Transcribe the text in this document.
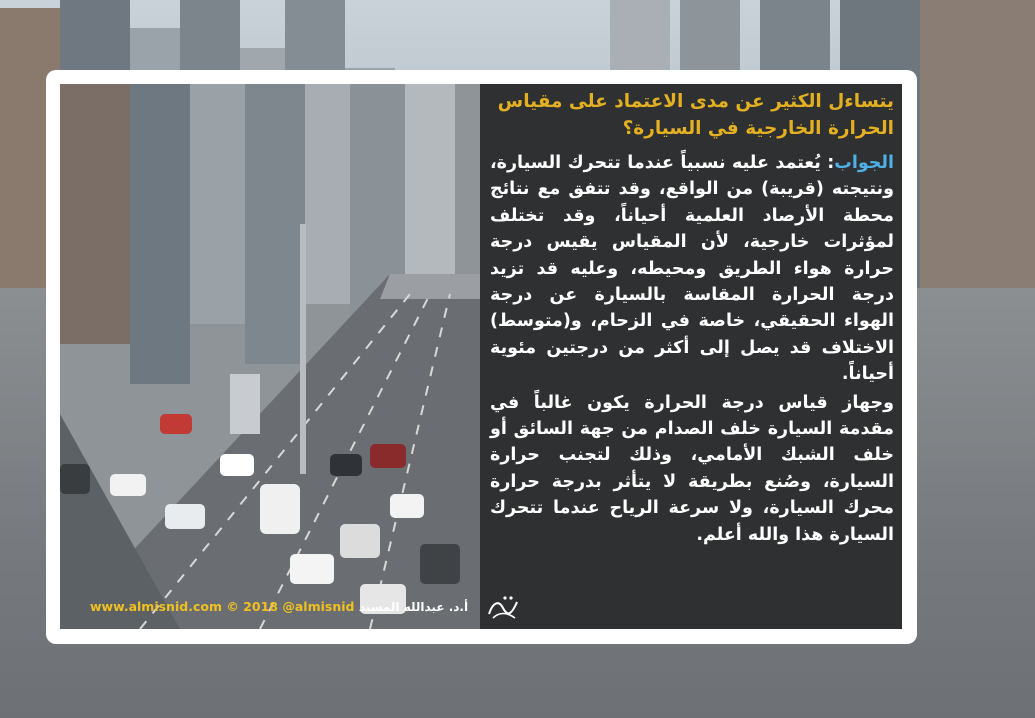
يتساءل الكثير عن مدى الاعتماد على مقياس الحرارة الخارجية في السيارة؟
الجواب: يُعتمد عليه نسبياً عندما تتحرك السيارة، ونتيجته (قريبة) من الواقع، وقد تتفق مع نتائج محطة الأرصاد العلمية أحياناً، وقد تختلف لمؤثرات خارجية، لأن المقياس يقيس درجة حرارة هواء الطريق ومحيطه، وعليه قد تزيد درجة الحرارة المقاسة بالسيارة عن درجة الهواء الحقيقي، خاصة في الزحام، و(متوسط) الاختلاف قد يصل إلى أكثر من درجتين مئوية أحياناً.
وجهاز قياس درجة الحرارة يكون غالباً في مقدمة السيارة خلف الصدام من جهة السائق أو خلف الشبك الأمامي، وذلك لتجنب حرارة السيارة، وصُنع بطريقة لا يتأثر بدرجة حرارة محرك السيارة، ولا سرعة الرياح عندما تتحرك السيارة هذا والله أعلم.
www.almisnid.com © 2018 @almisnid أ.د. عبدالله المسند
